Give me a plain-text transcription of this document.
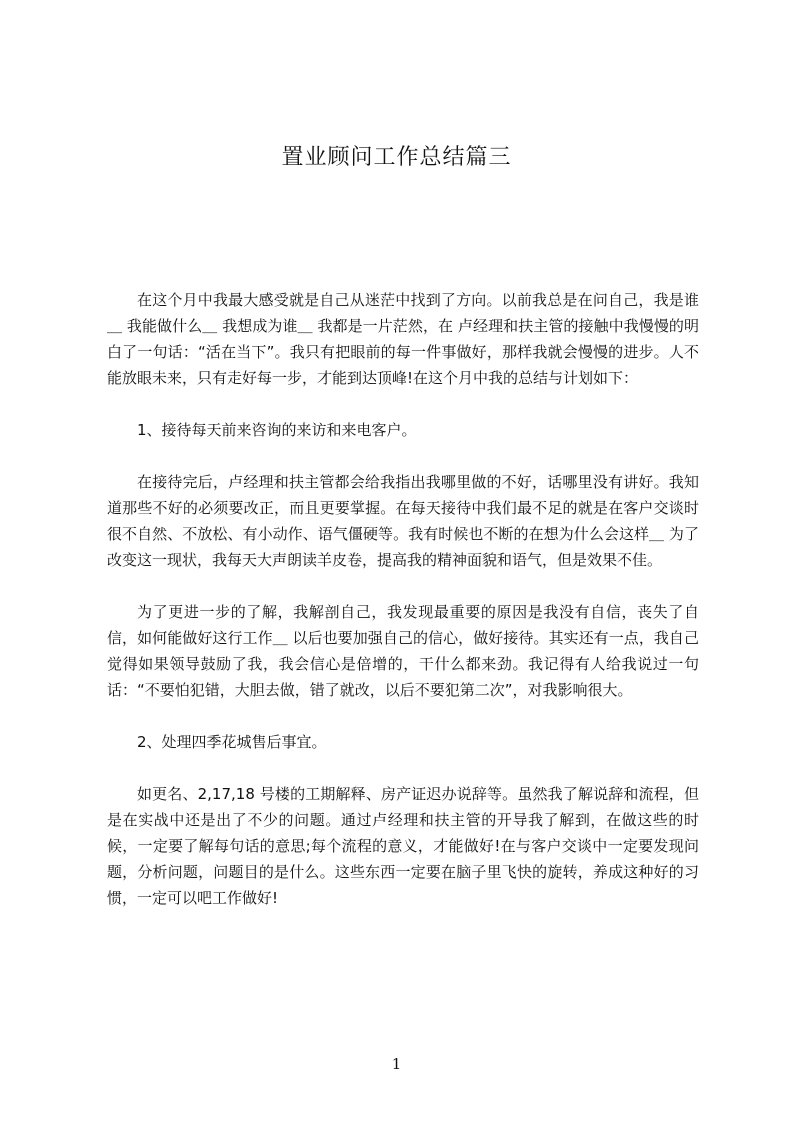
置业顾问工作总结篇三

在这个月中我最大感受就是自己从迷茫中找到了方向。以前我总是在问自己，我是谁＿ 我能做什么＿ 我想成为谁＿ 我都是一片茫然，在 卢经理和扶主管的接触中我慢慢的明白了一句话：“活在当下”。我只有把眼前的每一件事做好，那样我就会慢慢的进步。人不能放眼未来，只有走好每一步，才能到达顶峰!在这个月中我的总结与计划如下：

1、接待每天前来咨询的来访和来电客户。

在接待完后，卢经理和扶主管都会给我指出我哪里做的不好，话哪里没有讲好。我知道那些不好的必须要改正，而且更要掌握。在每天接待中我们最不足的就是在客户交谈时很不自然、不放松、有小动作、语气僵硬等。我有时候也不断的在想为什么会这样＿ 为了改变这一现状，我每天大声朗读羊皮卷，提高我的精神面貌和语气，但是效果不佳。

为了更进一步的了解，我解剖自己，我发现最重要的原因是我没有自信，丧失了自信，如何能做好这行工作＿ 以后也要加强自己的信心，做好接待。其实还有一点，我自己觉得如果领导鼓励了我，我会信心是倍增的，干什么都来劲。我记得有人给我说过一句话：“不要怕犯错，大胆去做，错了就改，以后不要犯第二次”，对我影响很大。

2、处理四季花城售后事宜。

如更名、2,17,18 号楼的工期解释、房产证迟办说辞等。虽然我了解说辞和流程，但是在实战中还是出了不少的问题。通过卢经理和扶主管的开导我了解到，在做这些的时候，一定要了解每句话的意思;每个流程的意义，才能做好!在与客户交谈中一定要发现问题，分析问题，问题目的是什么。这些东西一定要在脑子里飞快的旋转，养成这种好的习惯，一定可以吧工作做好!

1
